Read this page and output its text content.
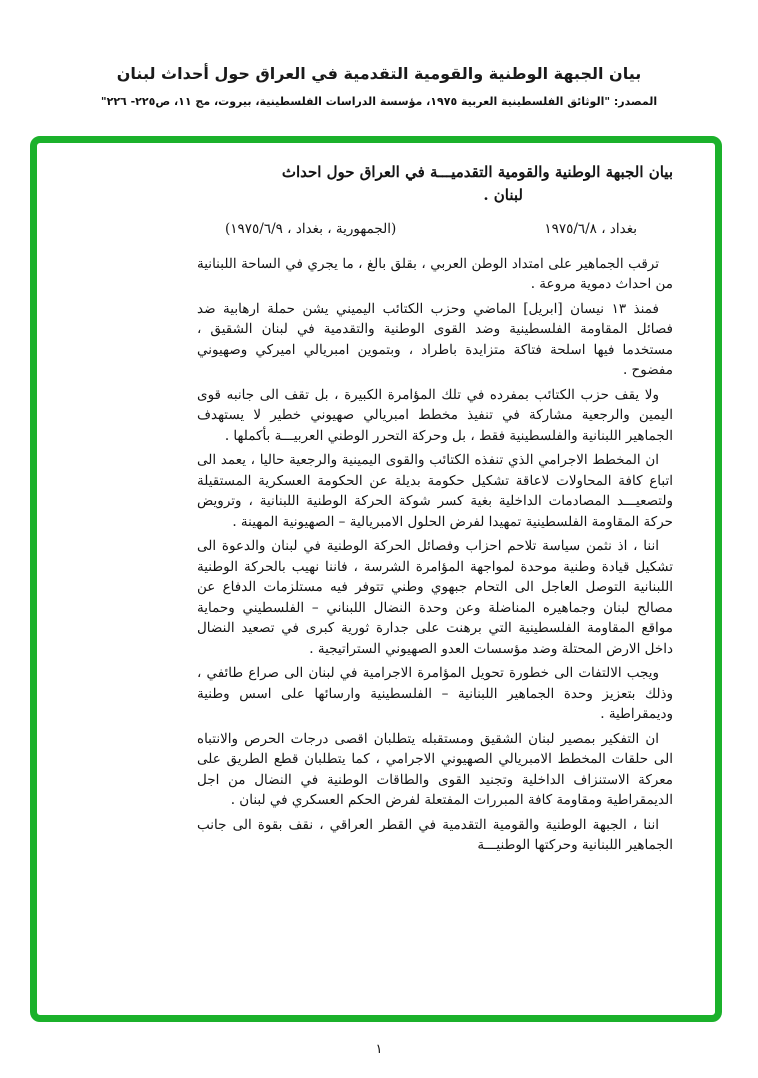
بيان الجبهة الوطنية والقومية التقدمية في العراق حول أحداث لبنان
المصدر: "الوثائق الفلسطينية العربية ١٩٧٥، مؤسسة الدراسات الفلسطينية، بيروت، مج ١١، ص٢٢٥- ٢٢٦"
بيان الجبهة الوطنية والقومية التقدميـــة في العراق حول احداث
لبنان .
بغداد ، ١٩٧٥/٦/٨
(الجمهورية ، بغداد ، ١٩٧٥/٦/٩)

ترقب الجماهير على امتداد الوطن العربي ، بقلق بالغ ، ما يجري في الساحة اللبنانية من احداث دموية مروعة .

فمنذ ١٣ نيسان [ابريل] الماضي وحزب الكتائب اليميني يشن حملة ارهابية ضد فصائل المقاومة الفلسطينية وضد القوى الوطنية والتقدمية في لبنان الشقيق ، مستخدما فيها اسلحة فتاكة متزايدة باطراد ، وبتموين امبريالي اميركي وصهيوني مفضوح .

ولا يقف حزب الكتائب بمفرده في تلك المؤامرة الكبيرة ، بل تقف الى جانبه قوى اليمين والرجعية مشاركة في تنفيذ مخطط امبريالي صهيوني خطير لا يستهدف الجماهير اللبنانية والفلسطينية فقط ، بل وحركة التحرر الوطني العربيـــة بأكملها .

ان المخطط الاجرامي الذي تنفذه الكتائب والقوى اليمينية والرجعية حاليا ، يعمد الى اتباع كافة المحاولات لاعاقة تشكيل حكومة بديلة عن الحكومة العسكرية المستقيلة ولتصعيـــد المصادمات الداخلية بغية كسر شوكة الحركة الوطنية اللبنانية ، وترويض حركة المقاومة الفلسطينية تمهيدا لفرض الحلول الامبريالية – الصهيونية المهينة .

اننا ، اذ نثمن سياسة تلاحم احزاب وفصائل الحركة الوطنية في لبنان والدعوة الى تشكيل قيادة وطنية موحدة لمواجهة المؤامرة الشرسة ، فاننا نهيب بالحركة الوطنية اللبنانية التوصل العاجل الى التحام جبهوي وطني تتوفر فيه مستلزمات الدفاع عن مصالح لبنان وجماهيره المناضلة وعن وحدة النضال اللبناني – الفلسطيني وحماية مواقع المقاومة الفلسطينية التي برهنت على جدارة ثورية كبرى في تصعيد النضال داخل الارض المحتلة وضد مؤسسات العدو الصهيوني الستراتيجية .

ويجب الالتفات الى خطورة تحويل المؤامرة الاجرامية في لبنان الى صراع طائفي ، وذلك بتعزيز وحدة الجماهير اللبنانية – الفلسطينية وارسائها على اسس وطنية وديمقراطية .

ان التفكير بمصير لبنان الشقيق ومستقبله يتطلبان اقصى درجات الحرص والانتباه الى حلقات المخطط الامبريالي الصهيوني الاجرامي ، كما يتطلبان قطع الطريق على معركة الاستنزاف الداخلية وتجنيد القوى والطاقات الوطنية في النضال من اجل الديمقراطية ومقاومة كافة المبررات المفتعلة لفرض الحكم العسكري في لبنان .

اننا ، الجبهة الوطنية والقومية التقدمية في القطر العراقي ، نقف بقوة الى جانب الجماهير اللبنانية وحركتها الوطنيـــة

١
